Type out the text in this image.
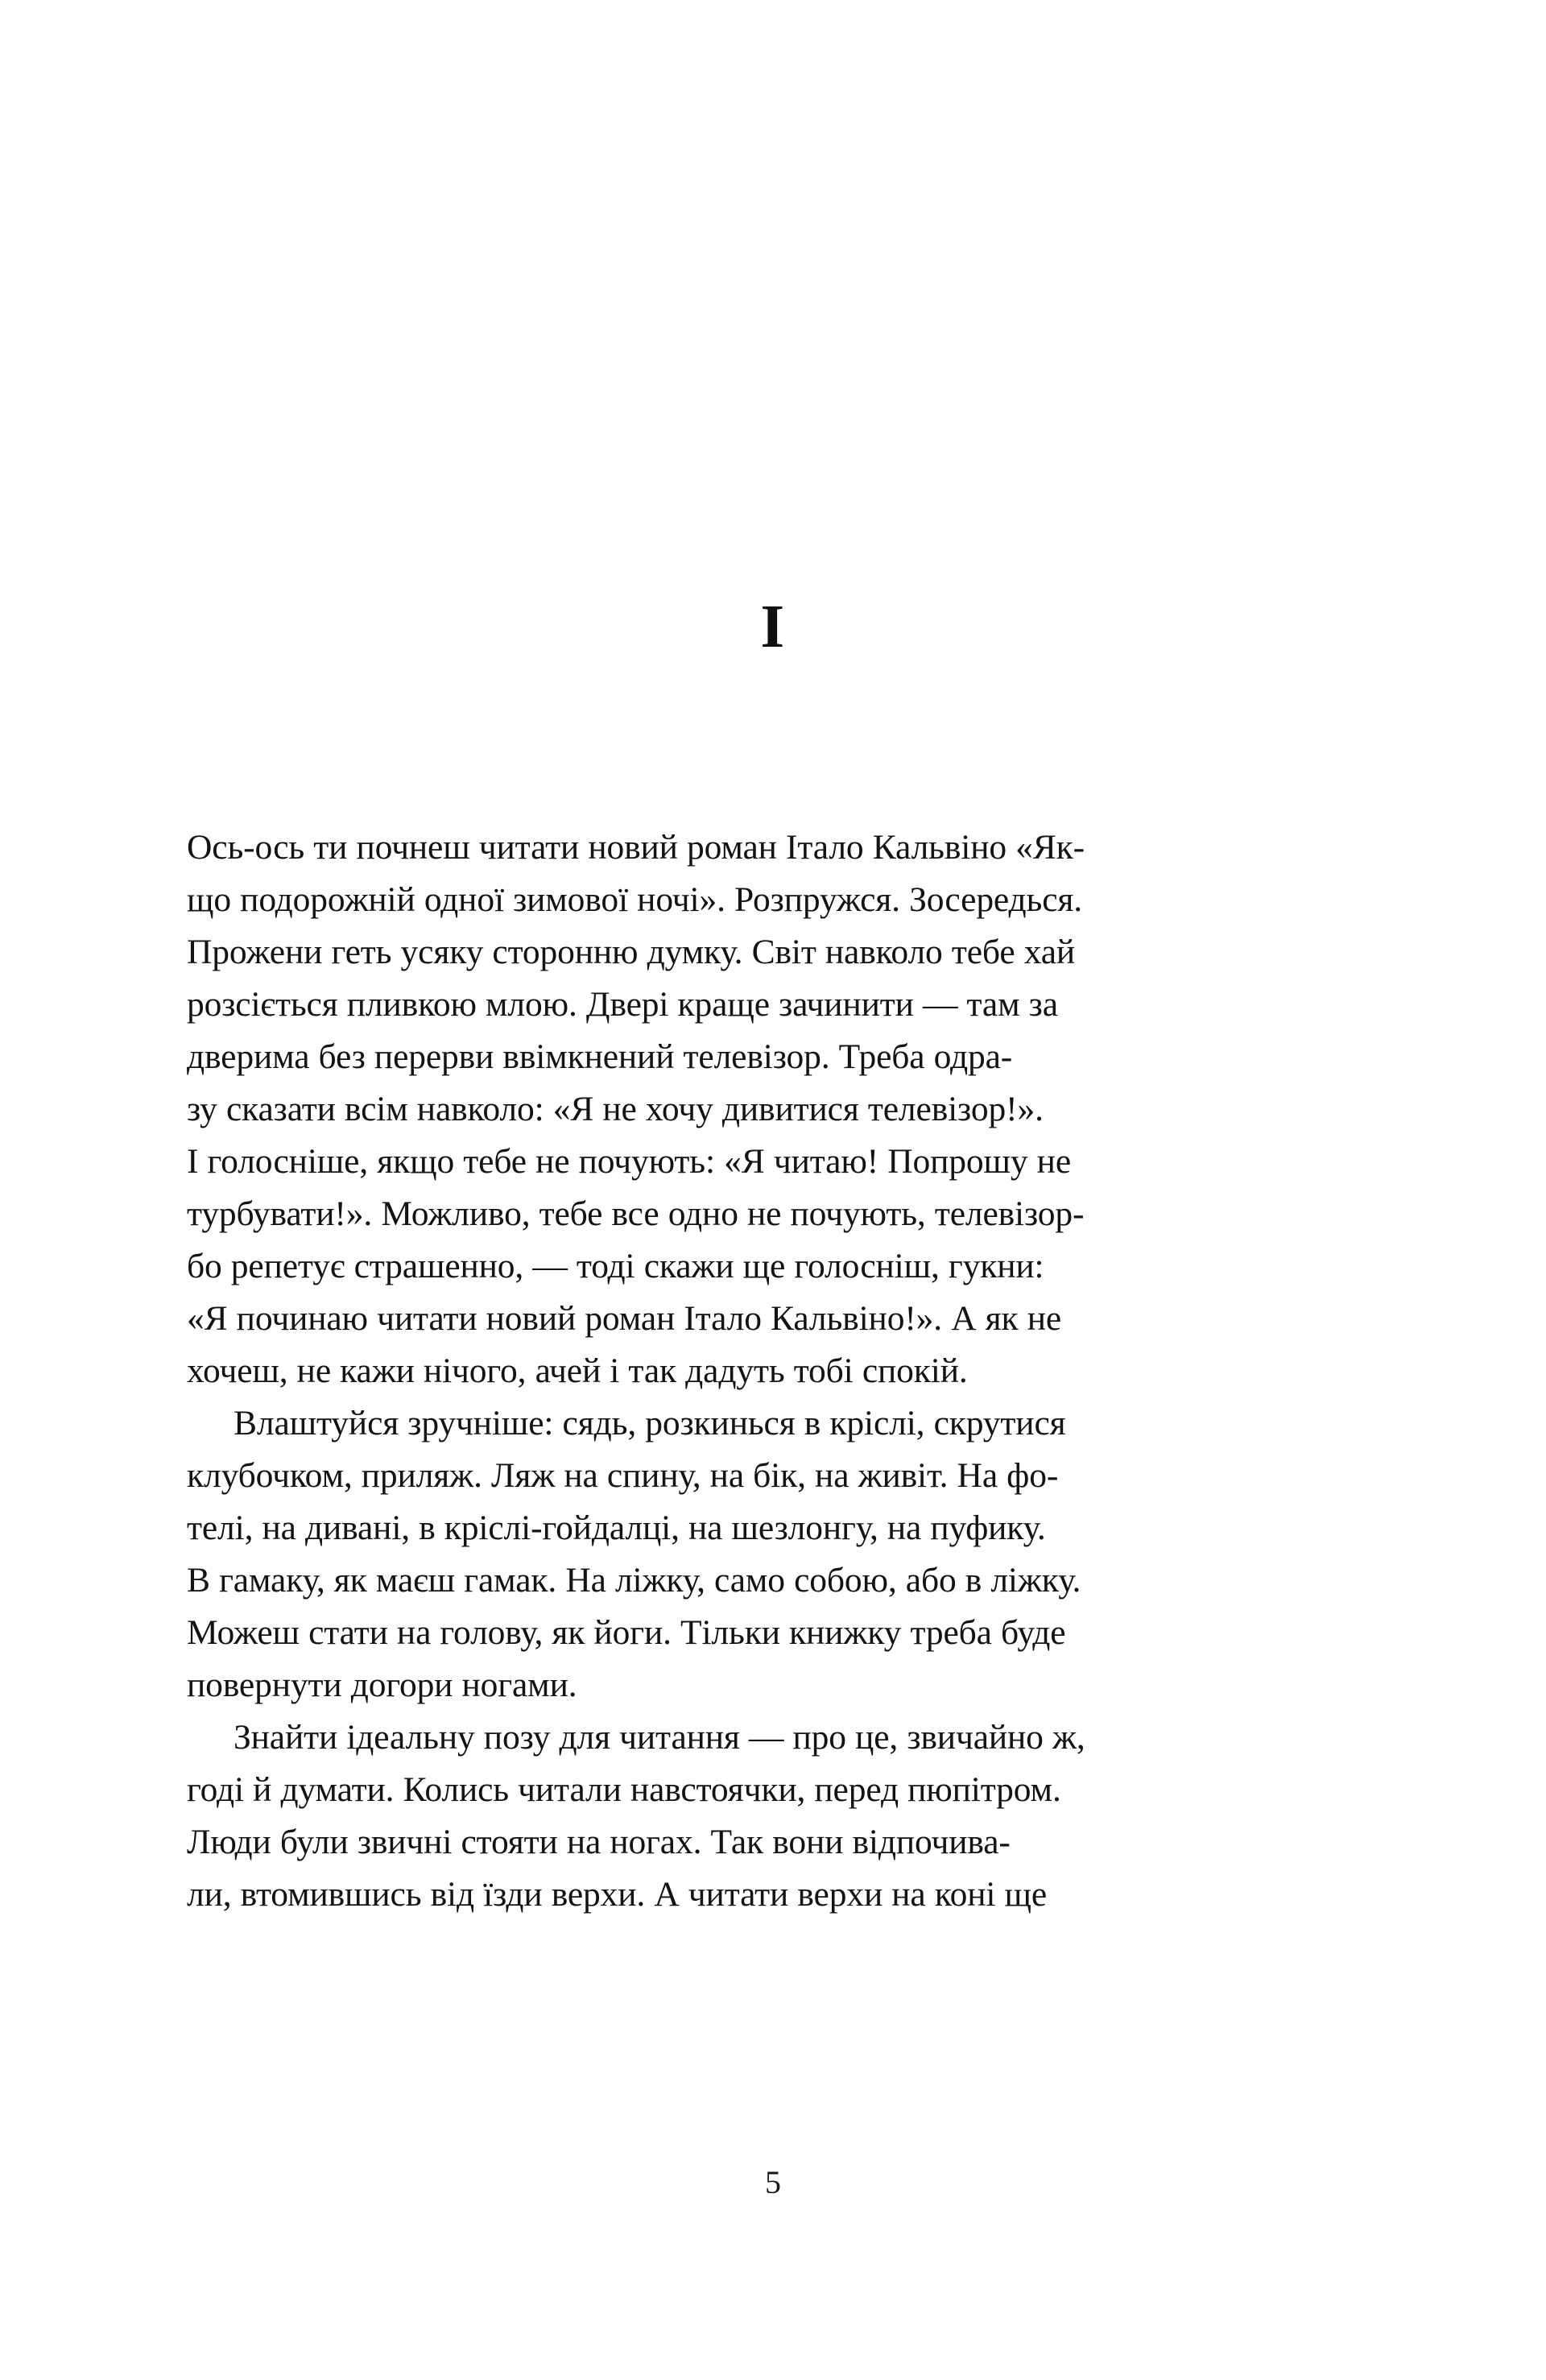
I

Ось-ось ти почнеш читати новий роман Італо Кальвіно «Як-
що подорожній одної зимової ночі». Розпружся. Зосередься.
Прожени геть усяку сторонню думку. Світ навколо тебе хай
розсіється пливкою млою. Двері краще зачинити — там за
дверима без перерви ввімкнений телевізор. Треба одра-
зу сказати всім навколо: «Я не хочу дивитися телевізор!».
І голосніше, якщо тебе не почують: «Я читаю! Попрошу не
турбувати!». Можливо, тебе все одно не почують, телевізор-
бо репетує страшенно, — тоді скажи ще голосніш, гукни:
«Я починаю читати новий роман Італо Кальвіно!». А як не
хочеш, не кажи нічого, ачей і так дадуть тобі спокій.

Влаштуйся зручніше: сядь, розкинься в кріслі, скрутися
клубочком, приляж. Ляж на спину, на бік, на живіт. На фо-
телі, на дивані, в кріслі-гойдалці, на шезлонгу, на пуфику.
В гамаку, як маєш гамак. На ліжку, само собою, або в ліжку.
Можеш стати на голову, як йоги. Тільки книжку треба буде
повернути догори ногами.

Знайти ідеальну позу для читання — про це, звичайно ж,
годі й думати. Колись читали навстоячки, перед пюпітром.
Люди були звичні стояти на ногах. Так вони відпочива-
ли, втомившись від їзди верхи. А читати верхи на коні ще

5
